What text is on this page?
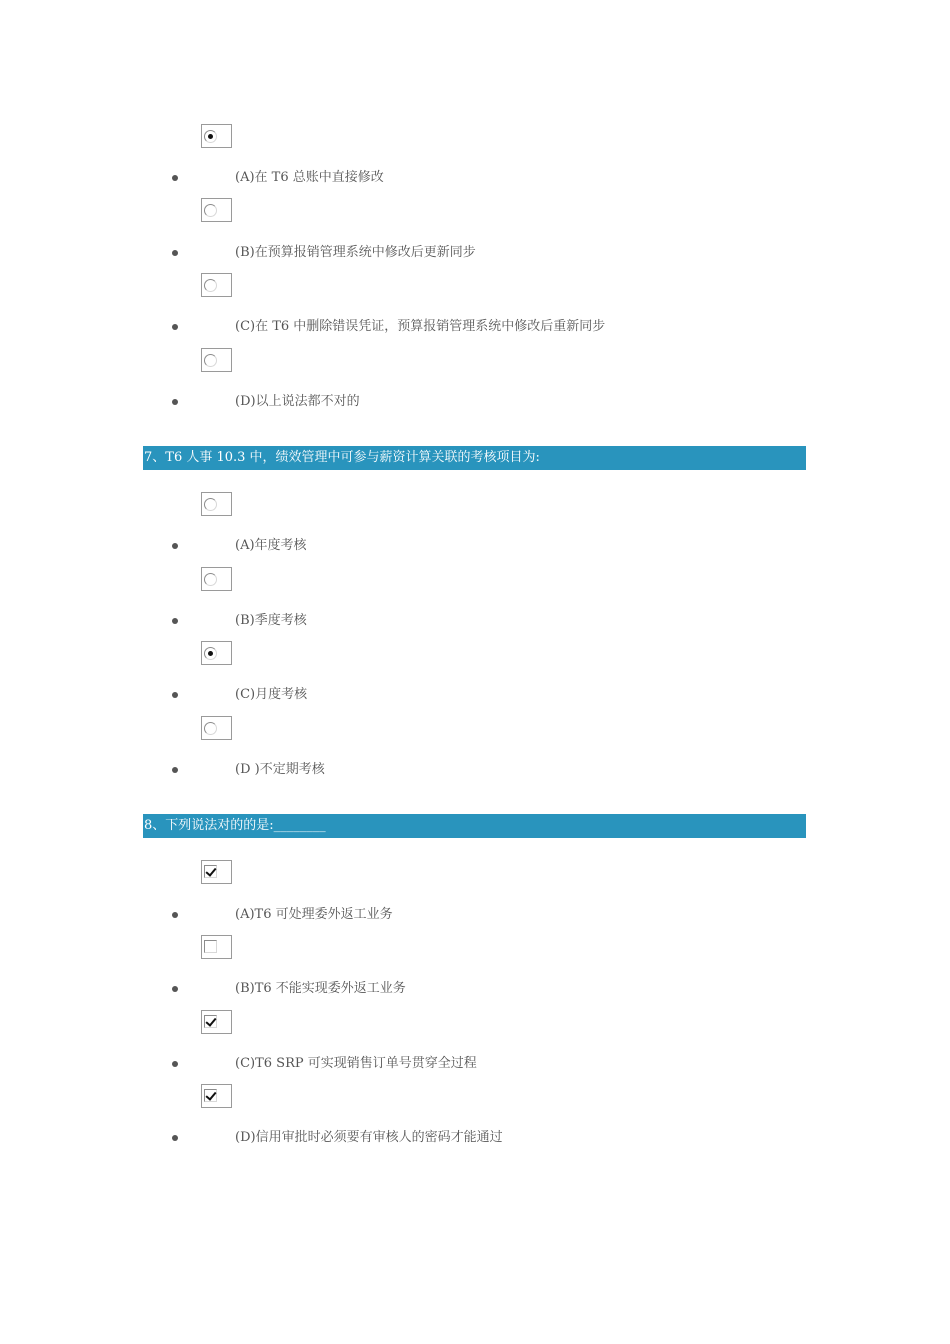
(A)在 T6 总账中直接修改
(B)在预算报销管理系统中修改后更新同步
(C)在 T6 中删除错误凭证，预算报销管理系统中修改后重新同步
(D)以上说法都不对的
7、T6 人事 10.3 中，绩效管理中可参与薪资计算关联的考核项目为:
(A)年度考核
(B)季度考核
(C)月度考核
(D )不定期考核
8、下列说法对的的是:________
(A)T6 可处理委外返工业务
(B)T6 不能实现委外返工业务
(C)T6 SRP 可实现销售订单号贯穿全过程
(D)信用审批时必须要有审核人的密码才能通过
